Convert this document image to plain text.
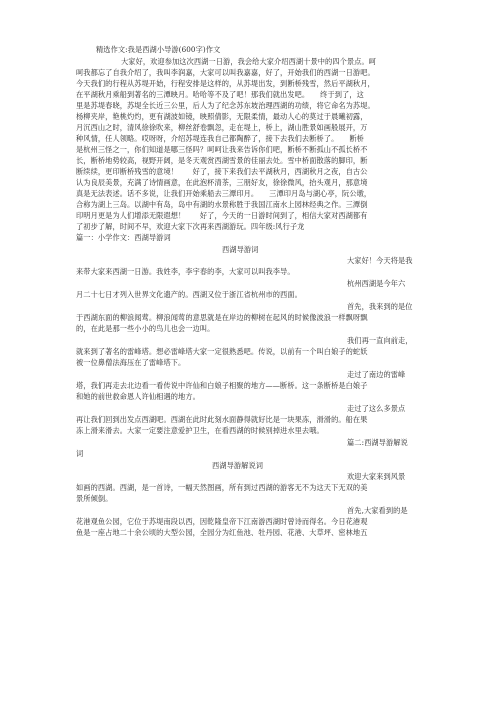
精选作文:我是西湖小导游(600字)作文
大家好，欢迎参加这次西湖一日游，我会给大家介绍西湖十景中的四个景点。呵
呵我都忘了自我介绍了，我叫李润嘉，大家可以叫我嘉嘉，好了，开始我们的西湖一日游吧。
今天我们的行程从苏堤开始，行程安排是这样的，从苏堤出发，到断桥残雪，然后平湖秋月，
在平湖秋月乘船到著名的三潭映月。哈哈等不及了吧！那我们就出发吧。　　终于到了，这
里是苏堤春晓，苏堤全长近三公里，后人为了纪念苏东坡治理西湖的功绩，将它命名为苏堤。
杨柳夹岸，艳桃灼灼，更有湖波如镜，映照倩影，无限柔情，最动人心的莫过于晨曦初露，
月沉西山之时，清风徐徐吹来，柳丝舒卷飘忽，走在堤上，桥上，湖山胜景如画般展开，万
种风情，任人领略。哎呀呀，介绍苏堤连我自己都陶醉了，接下去我们去断桥了。　　断桥
是杭州三怪之一，你们知道是哪三怪吗？呵呵让我来告诉你们吧，断桥不断孤山不孤长桥不
长，断桥地势较高，视野开阔，是冬天观赏西湖雪景的佳丽去处。雪中桥面散落的脚印，断
断续续，更印断桥残雪的意境！　　好了，接下来我们去平湖秋月，西湖秋月之夜，自古公
认为良辰美景，充满了诗情画意，在此泡杯清茶，三朋好友，徐徐微风，抬头观月，那意境
真是无法表述。话不多说，让我们开始乘船去三潭印月。　　三潭印月岛与湖心亭，阮公墩，
合称为湖上三岛。以湖中有岛，岛中有湖的水景称胜于我国江南水上园林经典之作。三潭倒
印明月更是为人们增添无限遐想！　　好了，今天的一日游时间到了，相信大家对西湖都有
了初步了解，时间不早，欢迎大家下次再来西湖游玩。四年级:风行子龙
篇一：小学作文：西湖导游词
西湖导游词
大家好！今天将是我
来带大家来西湖一日游。我姓李，李宇春的李，大家可以叫我李导。
杭州西湖是今年六
月二十七日才列入世界文化遗产的。西湖又位于浙江省杭州市的西面。
首先，我来到的是位
于西湖东面的柳浪闻莺。柳浪闻莺的意思就是在岸边的柳树在起风的时候像波浪一样飘呀飘
的，在此是那一些小小的鸟儿也会一边叫。
我们再一直向前走，
就来到了著名的雷峰塔。想必雷峰塔大家一定很熟悉吧。传说，以前有一个叫白娘子的蛇妖
被一位鼻僧法海压在了雷峰塔下。
走过了南边的雷峰
塔，我们再走去北边看一看传说中许仙和白娘子相聚的地方——断桥。这一条断桥是白娘子
和她的前世救命恩人许仙相遇的地方。
走过了这么多景点
再让我们回到出发点西湖吧。西湖在此时此刻水面静得就好比是一块果冻，滑滑的。船在果
冻上滑来滑去。大家一定要注意爱护卫生，在看西湖的时候别掉进水里去哦。
篇二:西湖导游解说
词
西湖导游解说词
欢迎大家来到风景
如画的西湖。西湖，是一首诗，一幅天然图画，所有到过西湖的游客无不为这天下无双的美
景所倾倒。
首先,大家看到的是
花港观鱼公园，它位于苏堤南段以西，因乾隆皇帝下江南游西湖时曾诗而得名。今日花港观
鱼是一座占地二十余公顷的大型公园，全园分为红鱼池、牡丹园、花港、大草坪、密林地五
